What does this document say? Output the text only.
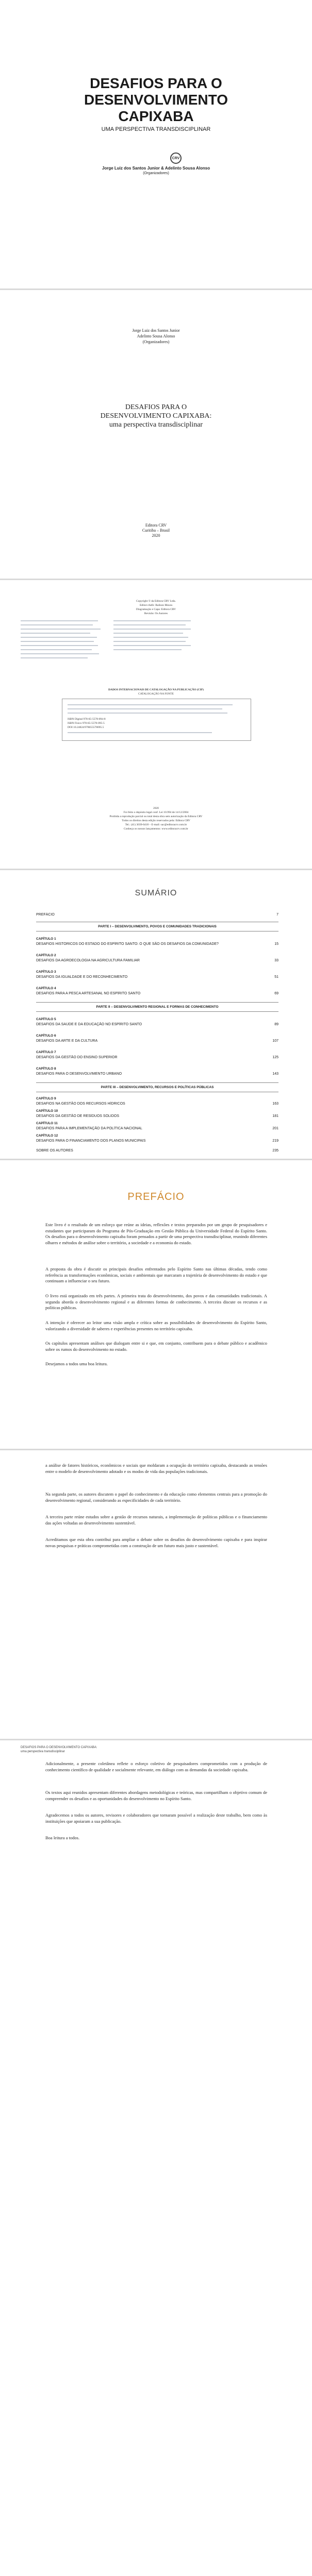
DESAFIOS PARA O
DESENVOLVIMENTO
CAPIXABA
UMA PERSPECTIVA TRANSDISCIPLINAR
Jorge Luiz dos Santos Junior & Adelinto Sousa Alonso
(Organizadores)
CRV
Jorge Luiz dos Santos Junior
Adelinto Sousa Alonso
(Organizadores)
DESAFIOS PARA O
DESENVOLVIMENTO CAPIXABA:
uma perspectiva transdisciplinar
Editora CRV
Curitiba – Brasil
2020
Copyright © da Editora CRV Ltda.
Editor-chefe: Railson Moura
Diagramação e Capa: Editora CRV
Revisão: Os Autores
DADOS INTERNACIONAIS DE CATALOGAÇÃO NA PUBLICAÇÃO (CIP)
CATALOGAÇÃO NA FONTE
ISBN Digital 978-65-5578-094-8
ISBN Físico 978-65-5578-095-5
DOI 10.24824/978655578095.5
2020
Foi feito o depósito legal conf. Lei 10.994 de 14/12/2004
Proibida a reprodução parcial ou total desta obra sem autorização da Editora CRV
Todos os direitos desta edição reservados pela: Editora CRV
Tel.: (41) 3039-6418 – E-mail: sac@editoracrv.com.br
Conheça os nossos lançamentos: www.editoracrv.com.br
SUMÁRIO
PREFÁCIO	7
PARTE I – DESENVOLVIMENTO, POVOS E COMUNIDADES TRADICIONAIS
CAPÍTULO 1
DESAFIOS HISTÓRICOS DO ESTADO DO ESPÍRITO SANTO: O QUE SÃO OS DESAFIOS DA COMUNIDADE?	15
CAPÍTULO 2
DESAFIOS DA AGROECOLOGIA NA AGRICULTURA FAMILIAR	33
CAPÍTULO 3
DESAFIOS DA IGUALDADE E DO RECONHECIMENTO	51
CAPÍTULO 4
DESAFIOS PARA A PESCA ARTESANAL NO ESPÍRITO SANTO	69
PARTE II – DESENVOLVIMENTO REGIONAL E FORMAS DE CONHECIMENTO
CAPÍTULO 5
DESAFIOS DA SAÚDE E DA EDUCAÇÃO NO ESPÍRITO SANTO	89
CAPÍTULO 6
DESAFIOS DA ARTE E DA CULTURA	107
CAPÍTULO 7
DESAFIOS DA GESTÃO DO ENSINO SUPERIOR	125
CAPÍTULO 8
DESAFIOS PARA O DESENVOLVIMENTO URBANO	143
PARTE III – DESENVOLVIMENTO, RECURSOS E POLÍTICAS PÚBLICAS
CAPÍTULO 9
DESAFIOS NA GESTÃO DOS RECURSOS HÍDRICOS	163
CAPÍTULO 10
DESAFIOS DA GESTÃO DE RESÍDUOS SÓLIDOS	181
CAPÍTULO 11
DESAFIOS PARA A IMPLEMENTAÇÃO DA POLÍTICA NACIONAL	201
CAPÍTULO 12
DESAFIOS PARA O FINANCIAMENTO DOS PLANOS MUNICIPAIS	219
SOBRE OS AUTORES	235
PREFÁCIO
Este livro é o resultado de um esforço que reúne as ideias, reflexões e textos preparados por um grupo de pesquisadores e estudantes que participaram do Programa de Pós-Graduação em Gestão Pública da Universidade Federal do Espírito Santo. Os desafios para o desenvolvimento capixaba foram pensados a partir de uma perspectiva transdisciplinar, reunindo diferentes olhares e métodos de análise sobre o território, a sociedade e a economia do estado.
A proposta da obra é discutir os principais desafios enfrentados pelo Espírito Santo nas últimas décadas, tendo como referência as transformações econômicas, sociais e ambientais que marcaram a trajetória de desenvolvimento do estado e que continuam a influenciar o seu futuro.
O livro está organizado em três partes. A primeira trata do desenvolvimento, dos povos e das comunidades tradicionais. A segunda aborda o desenvolvimento regional e as diferentes formas de conhecimento. A terceira discute os recursos e as políticas públicas.
A intenção é oferecer ao leitor uma visão ampla e crítica sobre as possibilidades de desenvolvimento do Espírito Santo, valorizando a diversidade de saberes e experiências presentes no território capixaba.
Os capítulos apresentam análises que dialogam entre si e que, em conjunto, contribuem para o debate público e acadêmico sobre os rumos do desenvolvimento no estado.
Desejamos a todos uma boa leitura.
a análise de fatores históricos, econômicos e sociais que moldaram a ocupação do território capixaba, destacando as tensões entre o modelo de desenvolvimento adotado e os modos de vida das populações tradicionais.
Na segunda parte, os autores discutem o papel do conhecimento e da educação como elementos centrais para a promoção do desenvolvimento regional, considerando as especificidades de cada território.
A terceira parte reúne estudos sobre a gestão de recursos naturais, a implementação de políticas públicas e o financiamento das ações voltadas ao desenvolvimento sustentável.
Acreditamos que esta obra contribui para ampliar o debate sobre os desafios do desenvolvimento capixaba e para inspirar novas pesquisas e práticas comprometidas com a construção de um futuro mais justo e sustentável.
DESAFIOS PARA O DESENVOLVIMENTO CAPIXABA:
uma perspectiva transdisciplinar
Adicionalmente, a presente coletânea reflete o esforço coletivo de pesquisadores comprometidos com a produção de conhecimento científico de qualidade e socialmente relevante, em diálogo com as demandas da sociedade capixaba.
Os textos aqui reunidos apresentam diferentes abordagens metodológicas e teóricas, mas compartilham o objetivo comum de compreender os desafios e as oportunidades do desenvolvimento no Espírito Santo.
Agradecemos a todos os autores, revisores e colaboradores que tornaram possível a realização deste trabalho, bem como às instituições que apoiaram a sua publicação.
Boa leitura a todos.
